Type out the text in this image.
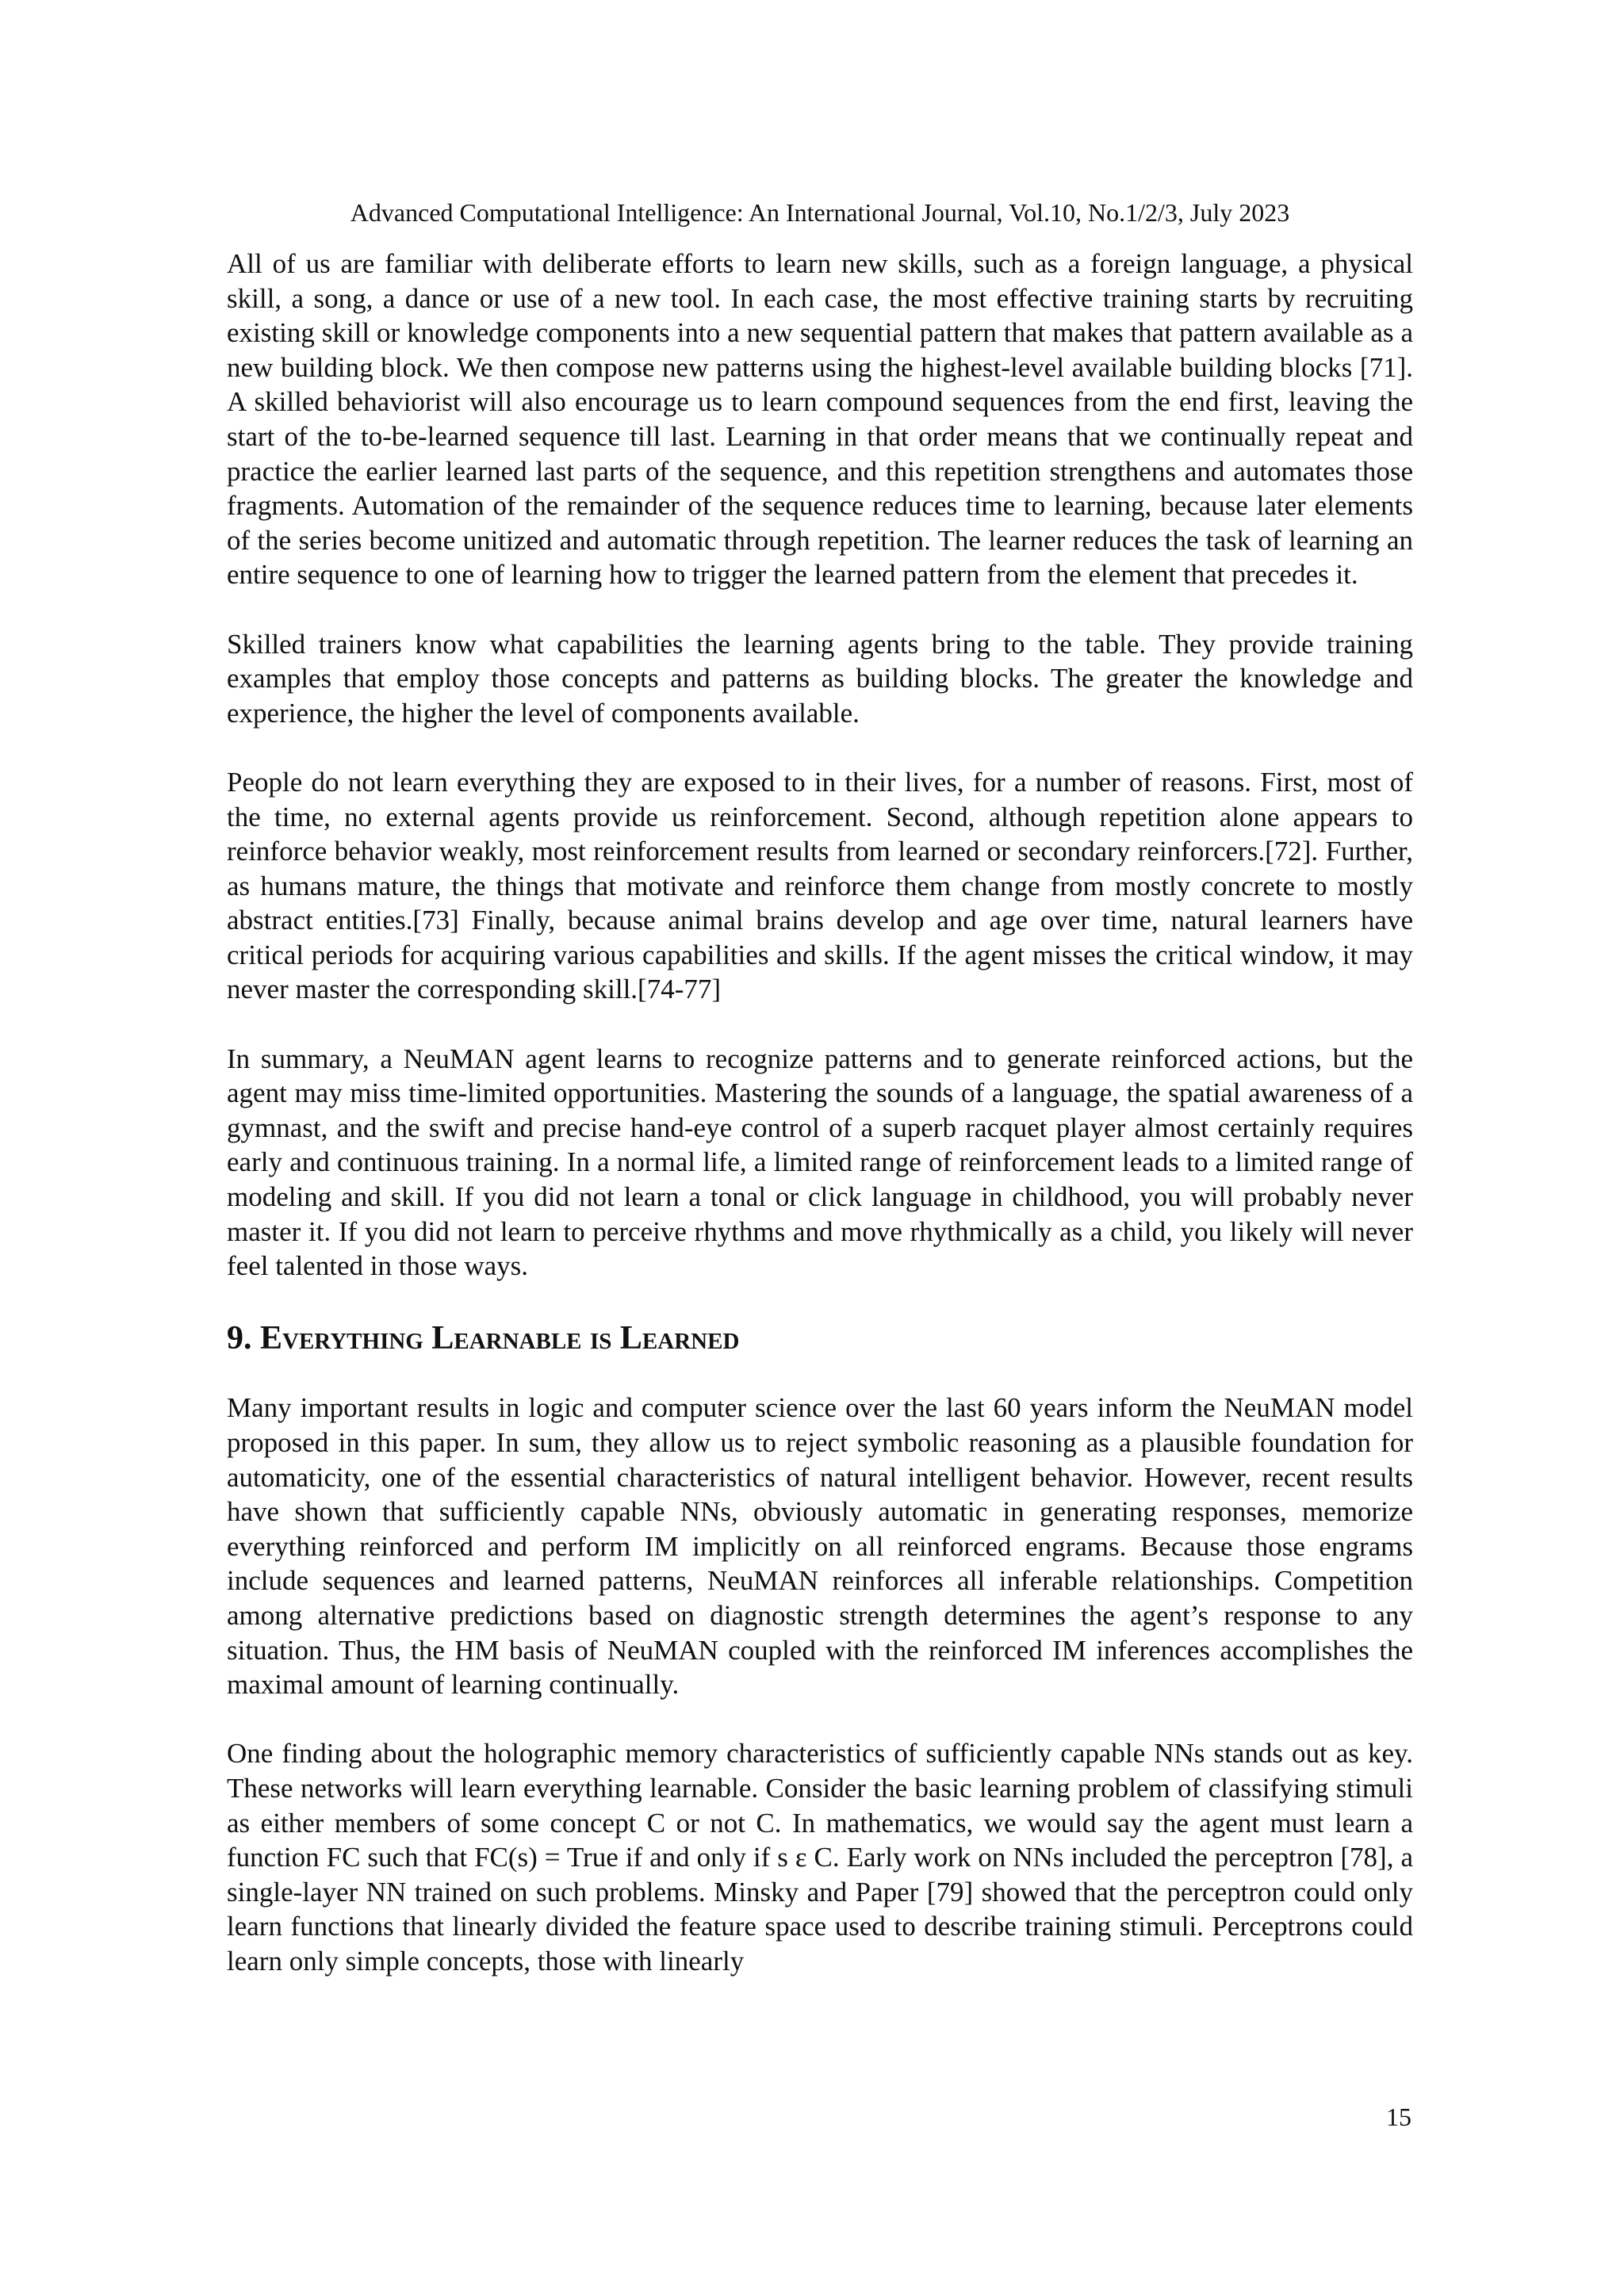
Advanced Computational Intelligence: An International Journal, Vol.10, No.1/2/3, July 2023

All of us are familiar with deliberate efforts to learn new skills, such as a foreign language, a physical skill, a song, a dance or use of a new tool. In each case, the most effective training starts by recruiting existing skill or knowledge components into a new sequential pattern that makes that pattern available as a new building block. We then compose new patterns using the highest-level available building blocks [71]. A skilled behaviorist will also encourage us to learn compound sequences from the end first, leaving the start of the to-be-learned sequence till last. Learning in that order means that we continually repeat and practice the earlier learned last parts of the sequence, and this repetition strengthens and automates those fragments. Automation of the remainder of the sequence reduces time to learning, because later elements of the series become unitized and automatic through repetition. The learner reduces the task of learning an entire sequence to one of learning how to trigger the learned pattern from the element that precedes it.

Skilled trainers know what capabilities the learning agents bring to the table. They provide training examples that employ those concepts and patterns as building blocks. The greater the knowledge and experience, the higher the level of components available.

People do not learn everything they are exposed to in their lives, for a number of reasons. First, most of the time, no external agents provide us reinforcement. Second, although repetition alone appears to reinforce behavior weakly, most reinforcement results from learned or secondary reinforcers.[72]. Further, as humans mature, the things that motivate and reinforce them change from mostly concrete to mostly abstract entities.[73] Finally, because animal brains develop and age over time, natural learners have critical periods for acquiring various capabilities and skills. If the agent misses the critical window, it may never master the corresponding skill.[74-77]

In summary, a NeuMAN agent learns to recognize patterns and to generate reinforced actions, but the agent may miss time-limited opportunities. Mastering the sounds of a language, the spatial awareness of a gymnast, and the swift and precise hand-eye control of a superb racquet player almost certainly requires early and continuous training. In a normal life, a limited range of reinforcement leads to a limited range of modeling and skill. If you did not learn a tonal or click language in childhood, you will probably never master it. If you did not learn to perceive rhythms and move rhythmically as a child, you likely will never feel talented in those ways.

9. Everything Learnable is Learned

Many important results in logic and computer science over the last 60 years inform the NeuMAN model proposed in this paper. In sum, they allow us to reject symbolic reasoning as a plausible foundation for automaticity, one of the essential characteristics of natural intelligent behavior. However, recent results have shown that sufficiently capable NNs, obviously automatic in generating responses, memorize everything reinforced and perform IM implicitly on all reinforced engrams. Because those engrams include sequences and learned patterns, NeuMAN reinforces all inferable relationships. Competition among alternative predictions based on diagnostic strength determines the agent’s response to any situation. Thus, the HM basis of NeuMAN coupled with the reinforced IM inferences accomplishes the maximal amount of learning continually.

One finding about the holographic memory characteristics of sufficiently capable NNs stands out as key. These networks will learn everything learnable. Consider the basic learning problem of classifying stimuli as either members of some concept C or not C. In mathematics, we would say the agent must learn a function FC such that FC(s) = True if and only if s ε C. Early work on NNs included the perceptron [78], a single-layer NN trained on such problems. Minsky and Paper [79] showed that the perceptron could only learn functions that linearly divided the feature space used to describe training stimuli. Perceptrons could learn only simple concepts, those with linearly

15
